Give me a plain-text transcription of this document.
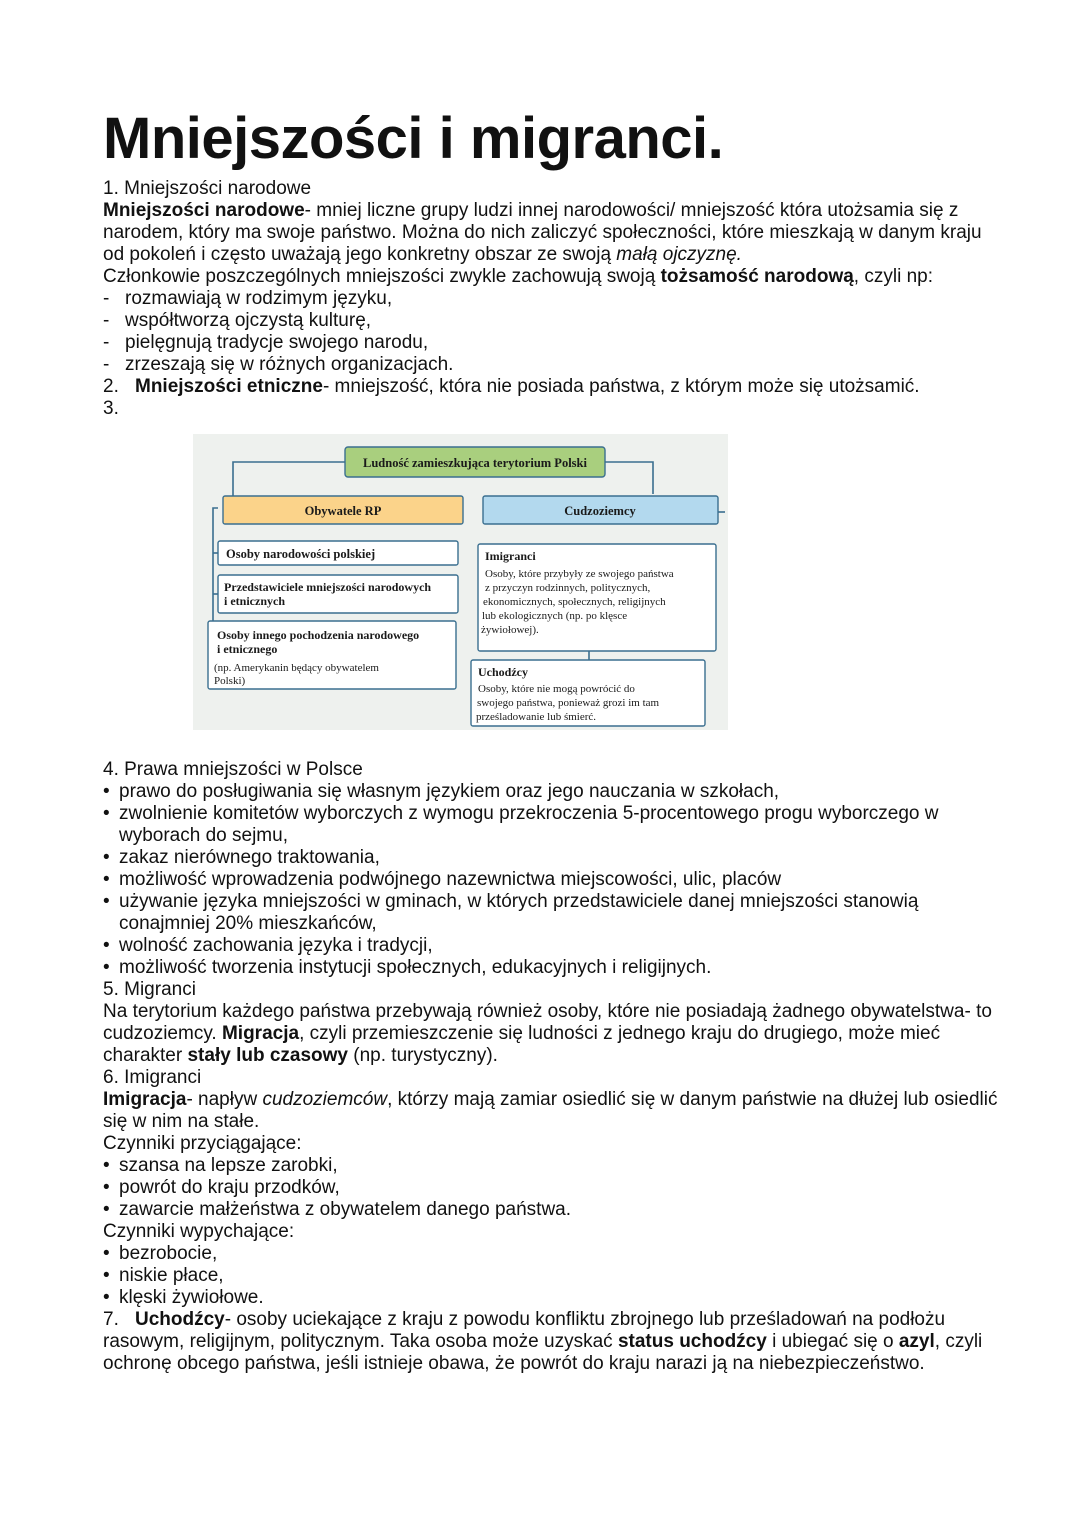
Mniejszości i migranci.

1. Mniejszości narodowe

Mniejszości narodowe- mniej liczne grupy ludzi innej narodowości/ mniejszość która utożsamia się z narodem, który ma swoje państwo. Można do nich zaliczyć społeczności, które mieszkają w danym kraju od pokoleń i często uważają jego konkretny obszar ze swoją małą ojczyznę.

Członkowie poszczególnych mniejszości zwykle zachowują swoją tożsamość narodową, czyli np:

- rozmawiają w rodzimym języku,
- współtworzą ojczystą kulturę,
- pielęgnują tradycje swojego narodu,
- zrzeszają się w różnych organizacjach.

2. Mniejszości etniczne- mniejszość, która nie posiada państwa, z którym może się utożsamić.

3.

Ludność zamieszkująca terytorium Polski
Obywatele RP	Cudzoziemcy
Osoby narodowości polskiej
Przedstawiciele mniejszości narodowych
i etnicznych
Osoby innego pochodzenia narodowego
i etnicznego
(np. Amerykanin będący obywatelem
Polski)
Imigranci
Osoby, które przybyły ze swojego państwa
z przyczyn rodzinnych, politycznych,
ekonomicznych, społecznych, religijnych
lub ekologicznych (np. po klęsce
żywiołowej).
Uchodźcy
Osoby, które nie mogą powrócić do
swojego państwa, ponieważ grozi im tam
prześladowanie lub śmierć.

4. Prawa mniejszości w Polsce

• prawo do posługiwania się własnym językiem oraz jego nauczania w szkołach,
• zwolnienie komitetów wyborczych z wymogu przekroczenia 5-procentowego progu wyborczego w wyborach do sejmu,
• zakaz nierównego traktowania,
• możliwość wprowadzenia podwójnego nazewnictwa miejscowości, ulic, placów
• używanie języka mniejszości w gminach, w których przedstawiciele danej mniejszości stanowią conajmniej 20% mieszkańców,
• wolność zachowania języka i tradycji,
• możliwość tworzenia instytucji społecznych, edukacyjnych i religijnych.

5. Migranci

Na terytorium każdego państwa przebywają również osoby, które nie posiadają żadnego obywatelstwa- to cudzoziemcy. Migracja, czyli przemieszczenie się ludności z jednego kraju do drugiego, może mieć charakter stały lub czasowy (np. turystyczny).

6. Imigranci

Imigracja- napływ cudzoziemców, którzy mają zamiar osiedlić się w danym państwie na dłużej lub osiedlić się w nim na stałe.

Czynniki przyciągające:

• szansa na lepsze zarobki,
• powrót do kraju przodków,
• zawarcie małżeństwa z obywatelem danego państwa.

Czynniki wypychające:

• bezrobocie,
• niskie płace,
• klęski żywiołowe.

7. Uchodźcy- osoby uciekające z kraju z powodu konfliktu zbrojnego lub prześladowań na podłożu rasowym, religijnym, politycznym. Taka osoba może uzyskać status uchodźcy i ubiegać się o azyl, czyli ochronę obcego państwa, jeśli istnieje obawa, że powrót do kraju narazi ją na niebezpieczeństwo.
